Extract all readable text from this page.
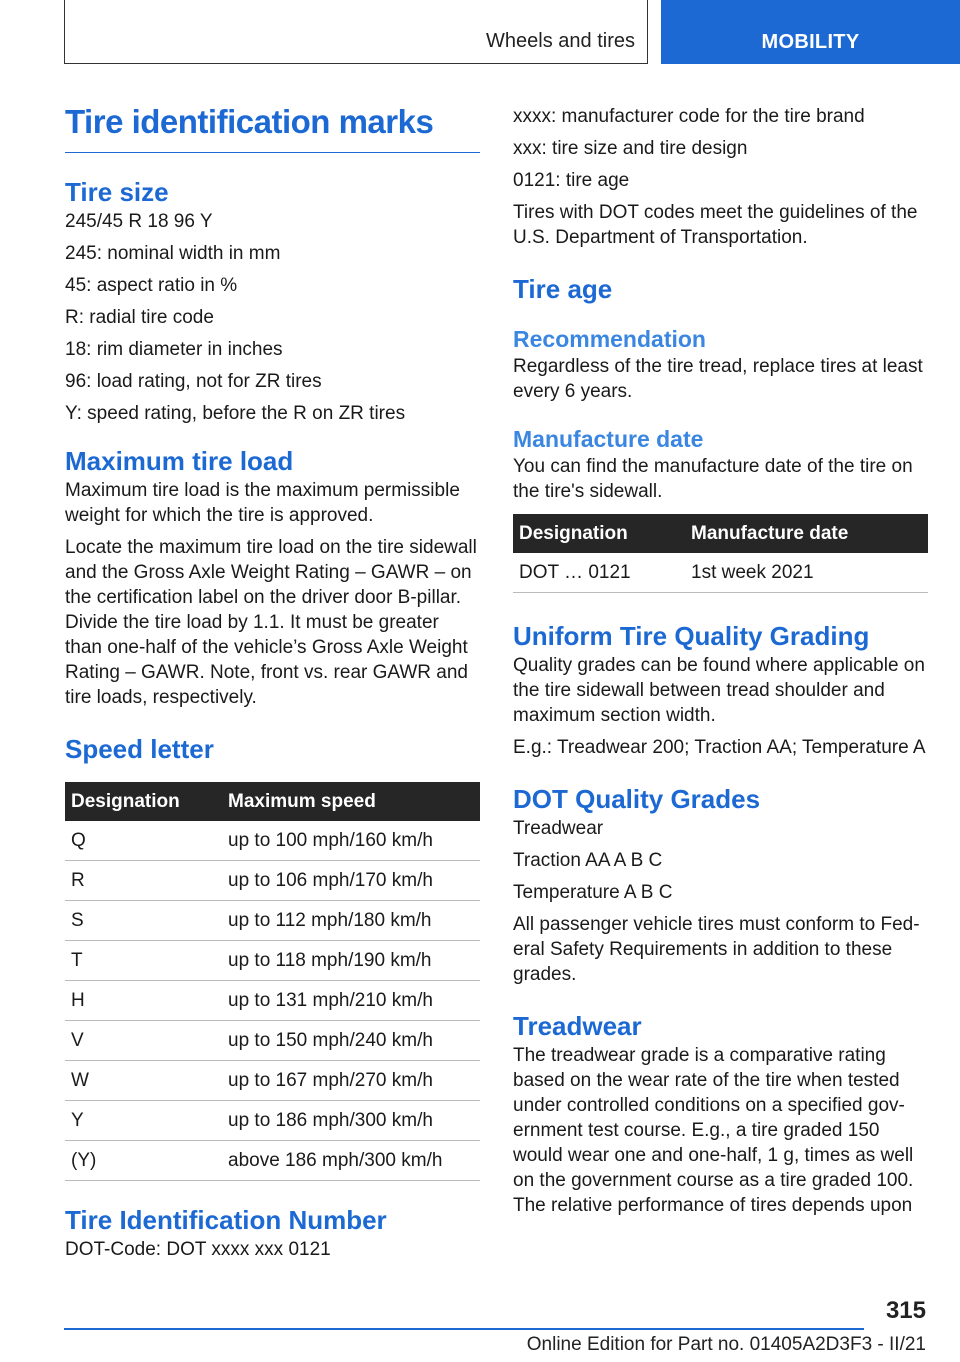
Wheels and tires	MOBILITY
Tire identification marks
Tire size

245/45 R 18 96 Y

245: nominal width in mm

45: aspect ratio in %

R: radial tire code

18: rim diameter in inches

96: load rating, not for ZR tires

Y: speed rating, before the R on ZR tires

Maximum tire load

Maximum tire load is the maximum permissible weight for which the tire is approved.

Locate the maximum tire load on the tire sidewall and the Gross Axle Weight Rating – GAWR – on the certification label on the driver door B-pillar. Divide the tire load by 1.1. It must be greater than one-half of the vehicle’s Gross Axle Weight Rating – GAWR. Note, front vs. rear GAWR and tire loads, respectively.

Speed letter
Designation	Maximum speed
Q	up to 100 mph/160 km/h
R	up to 106 mph/170 km/h
S	up to 112 mph/180 km/h
T	up to 118 mph/190 km/h
H	up to 131 mph/210 km/h
V	up to 150 mph/240 km/h
W	up to 167 mph/270 km/h
Y	up to 186 mph/300 km/h
(Y)	above 186 mph/300 km/h
Tire Identification Number

DOT-Code: DOT xxxx xxx 0121

xxxx: manufacturer code for the tire brand

xxx: tire size and tire design

0121: tire age

Tires with DOT codes meet the guidelines of the U.S. Department of Transportation.

Tire age
Recommendation

Regardless of the tire tread, replace tires at least every 6 years.

Manufacture date

You can find the manufacture date of the tire on the tire's sidewall.

Designation	Manufacture date
DOT … 0121	1st week 2021
Uniform Tire Quality Grading

Quality grades can be found where applicable on the tire sidewall between tread shoulder and maximum section width.

E.g.: Treadwear 200; Traction AA; Temperature A

DOT Quality Grades

Treadwear

Traction AA A B C

Temperature A B C

All passenger vehicle tires must conform to Fed‐eral Safety Requirements in addition to these grades.

Treadwear

The treadwear grade is a comparative rating based on the wear rate of the tire when tested under controlled conditions on a specified gov‐ernment test course. E.g., a tire graded 150 would wear one and one-half, 1 g, times as well on the government course as a tire graded 100. The relative performance of tires depends upon

315
Online Edition for Part no. 01405A2D3F3 - II/21
